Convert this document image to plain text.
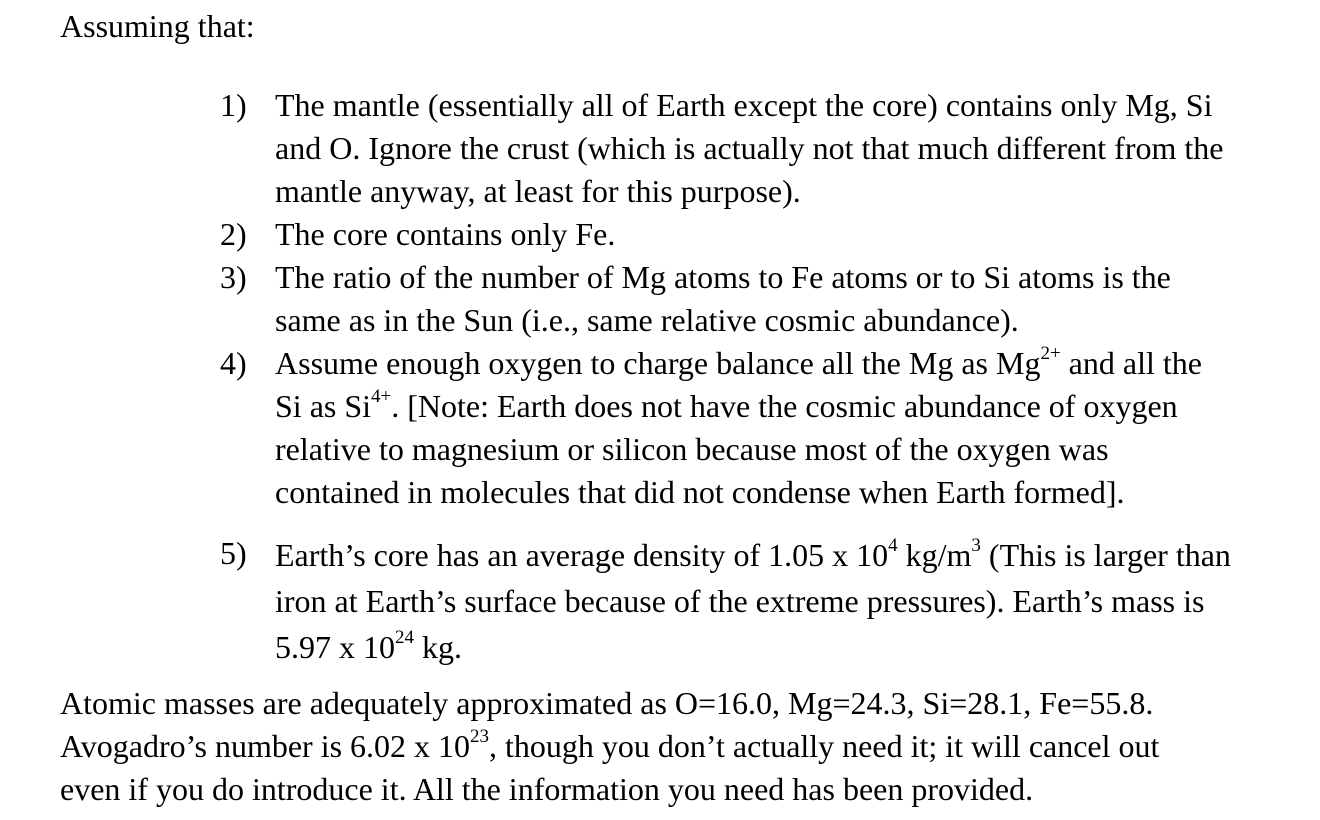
Assuming that:

1) The mantle (essentially all of Earth except the core) contains only Mg, Si
and O. Ignore the crust (which is actually not that much different from the
mantle anyway, at least for this purpose).
2) The core contains only Fe.
3) The ratio of the number of Mg atoms to Fe atoms or to Si atoms is the
same as in the Sun (i.e., same relative cosmic abundance).
4) Assume enough oxygen to charge balance all the Mg as $Mg^{2+}$ and all the
Si as $Si^{4+}$. [Note: Earth does not have the cosmic abundance of oxygen
relative to magnesium or silicon because most of the oxygen was
contained in molecules that did not condense when Earth formed].
5) Earth’s core has an average density of 1.05 x $10^4$ $kg/m^3$ (This is larger than
iron at Earth’s surface because of the extreme pressures). Earth’s mass is
5.97 x $10^{24}$ kg.
Atomic masses are adequately approximated as O=16.0, Mg=24.3, Si=28.1, Fe=55.8.
Avogadro’s number is 6.02 x $10^{23}$, though you don’t actually need it; it will cancel out
even if you do introduce it. All the information you need has been provided.
